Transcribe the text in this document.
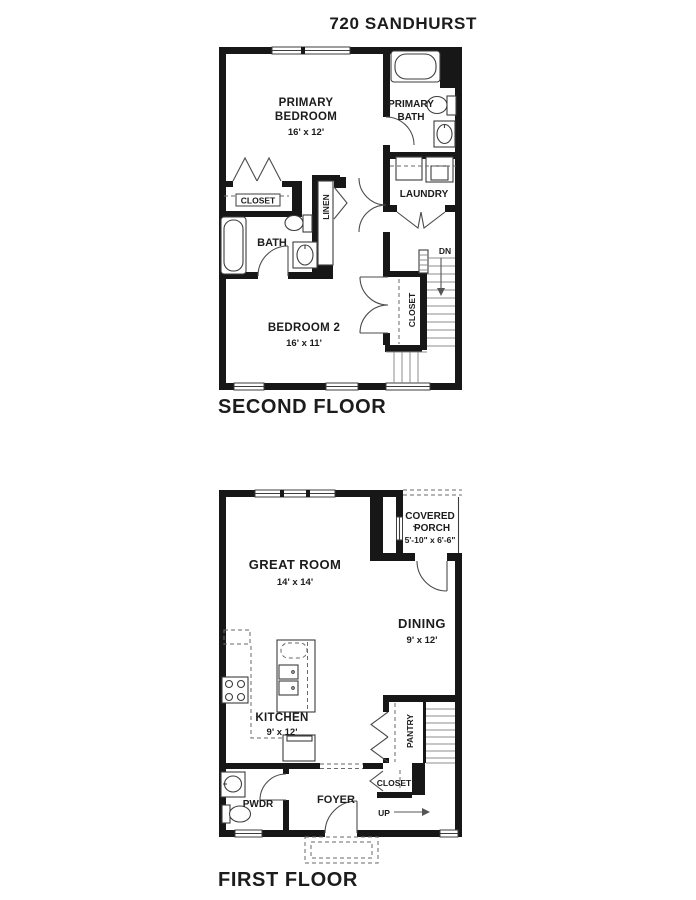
720 SANDHURST
PRIMARY
BEDROOM
16' x 12'
PRIMARY
BATH
CLOSET	LINEN
BATH
LAUNDRY
DN
BEDROOM 2
16' x 11'
CLOSET
SECOND FLOOR
GREAT ROOM
14' x 14'
COVERED
PORCH
5'-10" x 6'-6"
DINING
9' x 12'
KITCHEN
9' x 12'	PANTRY
CLOSET
FOYER
PWDR
UP
FIRST FLOOR
